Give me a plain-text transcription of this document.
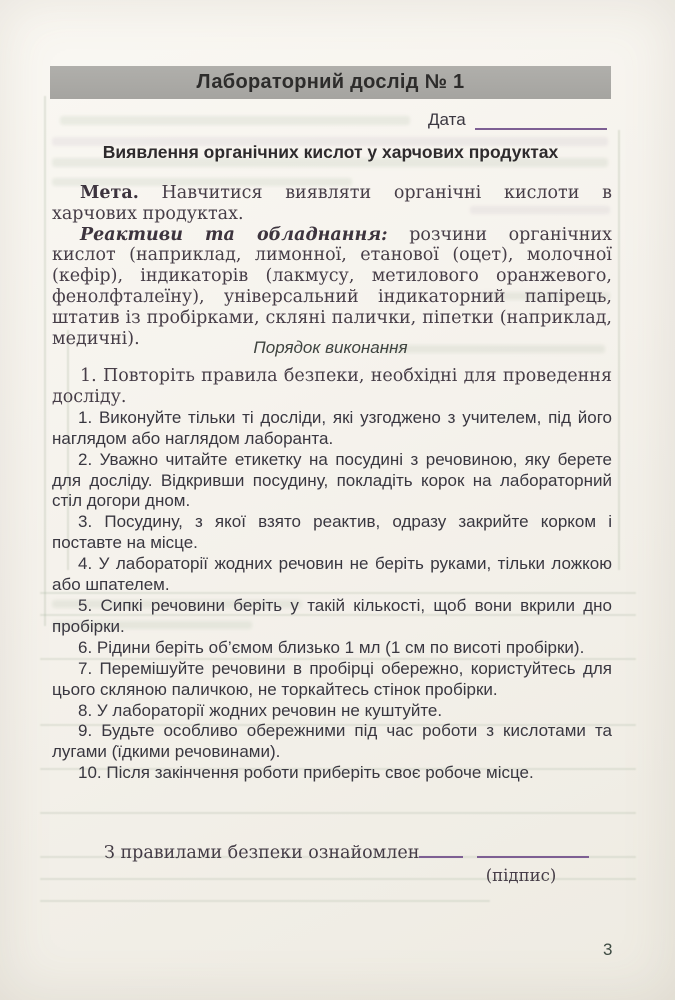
Лабораторний дослід № 1
Дата
Виявлення органічних кислот у харчових продуктах

Мета. Навчитися виявляти органічні кислоти в харчових продуктах.

Реактиви та обладнання: розчини органічних кислот (наприклад, лимонної, етанової (оцет), молочної (кефір), індикаторів (лакмусу, метилового оранжевого, фенолфталеїну), універсальний індикаторний папірець, штатив із пробірками, скляні палички, піпетки (наприклад, медичні).	Порядок виконання

1. Повторіть правила безпеки, необхідні для проведення досліду.

1. Виконуйте тільки ті досліди, які узгоджено з учителем, під його наглядом або наглядом лаборанта.

2. Уважно читайте етикетку на посудині з речовиною, яку берете для досліду. Відкривши посудину, покладіть корок на лабораторний стіл догори дном.

3. Посудину, з якої взято реактив, одразу закрийте корком і поставте на місце.

4. У лабораторії жодних речовин не беріть руками, тільки ложкою або шпателем.

5. Сипкі речовини беріть у такій кількості, щоб вони вкрили дно пробірки.

6. Рідини беріть об’ємом близько 1 мл (1 см по висоті пробірки).

7. Перемішуйте речовини в пробірці обережно, користуйтесь для цього скляною паличкою, не торкайтесь стінок пробірки.

8. У лабораторії жодних речовин не куштуйте.

9. Будьте особливо обережними під час роботи з кислотами та лугами (їдкими речовинами).

10. Після закінчення роботи приберіть своє робоче місце.

З правилами безпеки ознайомлен
(підпис)
3
